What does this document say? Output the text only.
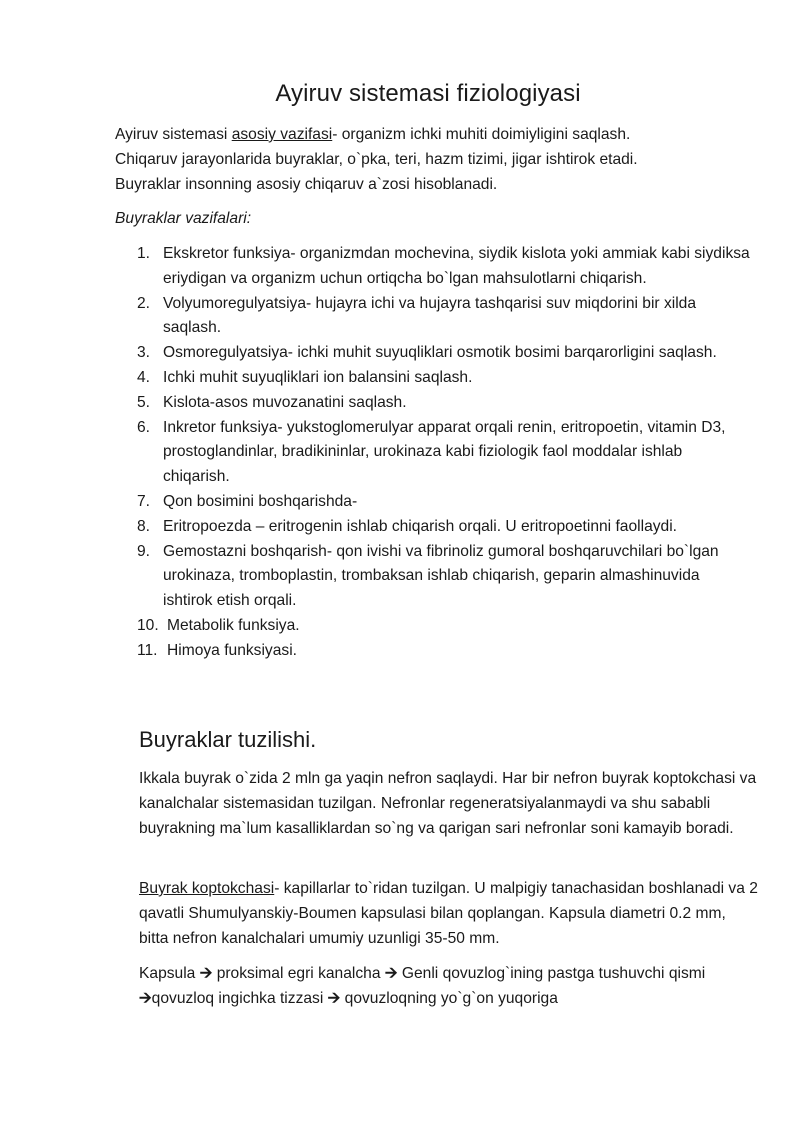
Ayiruv sistemasi fiziologiyasi

Ayiruv sistemasi asosiy vazifasi- organizm ichki muhiti doimiyligini saqlash.

Chiqaruv jarayonlarida buyraklar, o`pka, teri, hazm tizimi, jigar ishtirok etadi.

Buyraklar insonning asosiy chiqaruv a`zosi hisoblanadi.

Buyraklar vazifalari:
1. Ekskretor funksiya- organizmdan mochevina, siydik kislota yoki ammiak kabi siydiksa eriydigan va organizm uchun ortiqcha bo`lgan mahsulotlarni chiqarish.
2. Volyumoregulyatsiya- hujayra ichi va hujayra tashqarisi suv miqdorini bir xilda saqlash.
3. Osmoregulyatsiya- ichki muhit suyuqliklari osmotik bosimi barqarorligini saqlash.
4. Ichki muhit suyuqliklari ion balansini saqlash.
5. Kislota-asos muvozanatini saqlash.
6. Inkretor funksiya- yukstoglomerulyar apparat orqali renin, eritropoetin, vitamin D3, prostoglandinlar, bradikininlar, urokinaza kabi fiziologik faol moddalar ishlab chiqarish.
7. Qon bosimini boshqarishda-
8. Eritropoezda – eritrogenin ishlab chiqarish orqali. U eritropoetinni faollaydi.
9. Gemostazni boshqarish- qon ivishi va fibrinoliz gumoral boshqaruvchilari bo`lgan urokinaza, tromboplastin, trombaksan ishlab chiqarish, geparin almashinuvida ishtirok etish orqali.
10. Metabolik funksiya.
11. Himoya funksiyasi.
Buyraklar tuzilishi.

Ikkala buyrak o`zida 2 mln ga yaqin nefron saqlaydi. Har bir nefron buyrak koptokchasi va kanalchalar sistemasidan tuzilgan. Nefronlar regeneratsiyalanmaydi va shu sababli buyrakning ma`lum kasalliklardan so`ng va qarigan sari nefronlar soni kamayib boradi.

Buyrak koptokchasi- kapillarlar to`ridan tuzilgan. U malpigiy tanachasidan boshlanadi va 2 qavatli Shumulyanskiy-Boumen kapsulasi bilan qoplangan. Kapsula diametri 0.2 mm, bitta nefron kanalchalari umumiy uzunligi 35-50 mm.

Kapsula 🡪 proksimal egri kanalcha 🡪 Genli qovuzlog`ining pastga tushuvchi qismi 🡪qovuzloq ingichka tizzasi 🡪 qovuzloqning yo`g`on yuqoriga
